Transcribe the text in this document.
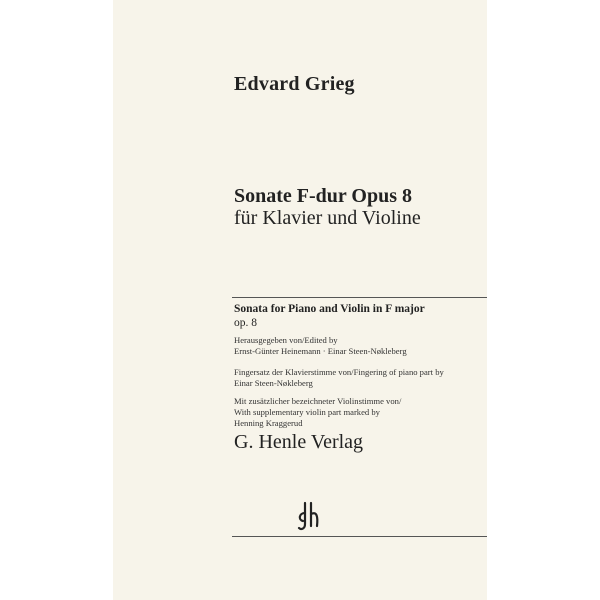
Edvard Grieg
Sonate F-dur Opus 8
für Klavier und Violine
Sonata for Piano and Violin in F major
op. 8
Herausgegeben von/Edited by
Ernst-Günter Heinemann · Einar Steen-Nøkleberg
Fingersatz der Klavierstimme von/Fingering of piano part by
Einar Steen-Nøkleberg
Mit zusätzlicher bezeichneter Violinstimme von/
With supplementary violin part marked by
Henning Kraggerud
G. Henle Verlag
